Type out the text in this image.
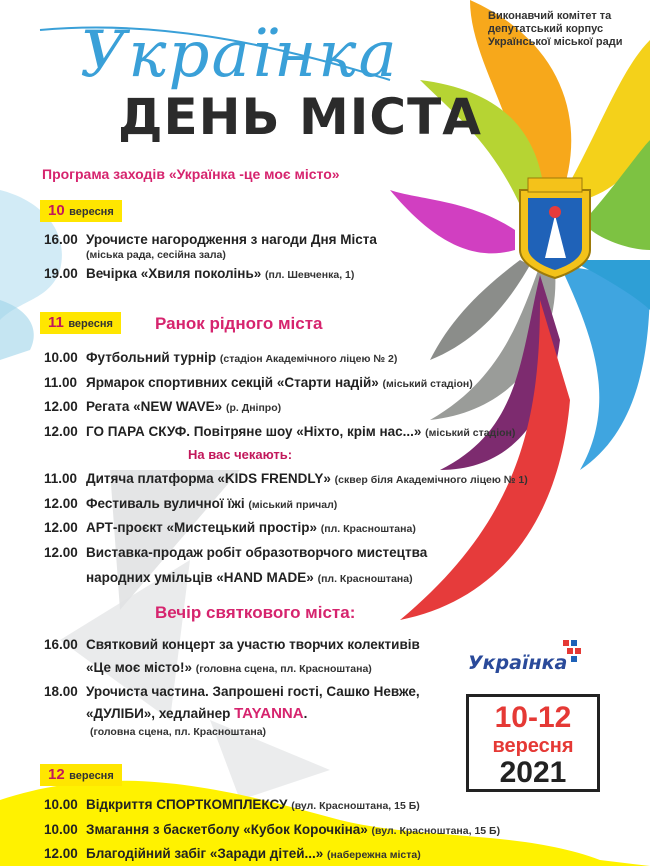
Українка
ДЕНЬ МІСТА
Виконавчий комітет та
депутатський корпус
Української міської ради
Програма заходів «Українка -це моє місто»
10 вересня
16.00 Урочисте нагородження з нагоди Дня Міста
(міська рада, сесійна зала)
19.00 Вечірка «Хвиля поколінь» (пл. Шевченка, 1)
11 вересня	Ранок рідного міста
10.00 Футбольний турнір (стадіон Академічного ліцею № 2)
11.00 Ярмарок спортивних секцій «Старти надій» (міський стадіон)
12.00 Регата «NEW WAVE» (р. Дніпро)
12.00 ГО ПАРА СКУФ. Повітряне шоу «Ніхто, крім нас...» (міський стадіон)
На вас чекають:
11.00 Дитяча платформа «KIDS FRENDLY» (сквер біля Академічного ліцею № 1)
12.00 Фестиваль вуличної їжі (міський причал)
12.00 АРТ-проєкт «Мистецький простір» (пл. Красноштана)
12.00 Виставка-продаж робіт образотворчого мистецтва
народних умільців «HAND MADE» (пл. Красноштана)
Вечір святкового міста:
16.00 Святковий концерт за участю творчих колективів
«Це моє місто!» (головна сцена, пл. Красноштана)
18.00 Урочиста частина. Запрошені гості, Сашко Невже,
«ДУЛІБИ», хедлайнер TAYANNA.
(головна сцена, пл. Красноштана)
12 вересня
10.00 Відкриття СПОРТКОМПЛЕКСУ (вул. Красноштана, 15 Б)
10.00 Змагання з баскетболу «Кубок Корочкіна» (вул. Красноштана, 15 Б)
12.00 Благодійний забіг «Заради дітей...» (набережна міста)
Українка
10-12
вересня
2021
